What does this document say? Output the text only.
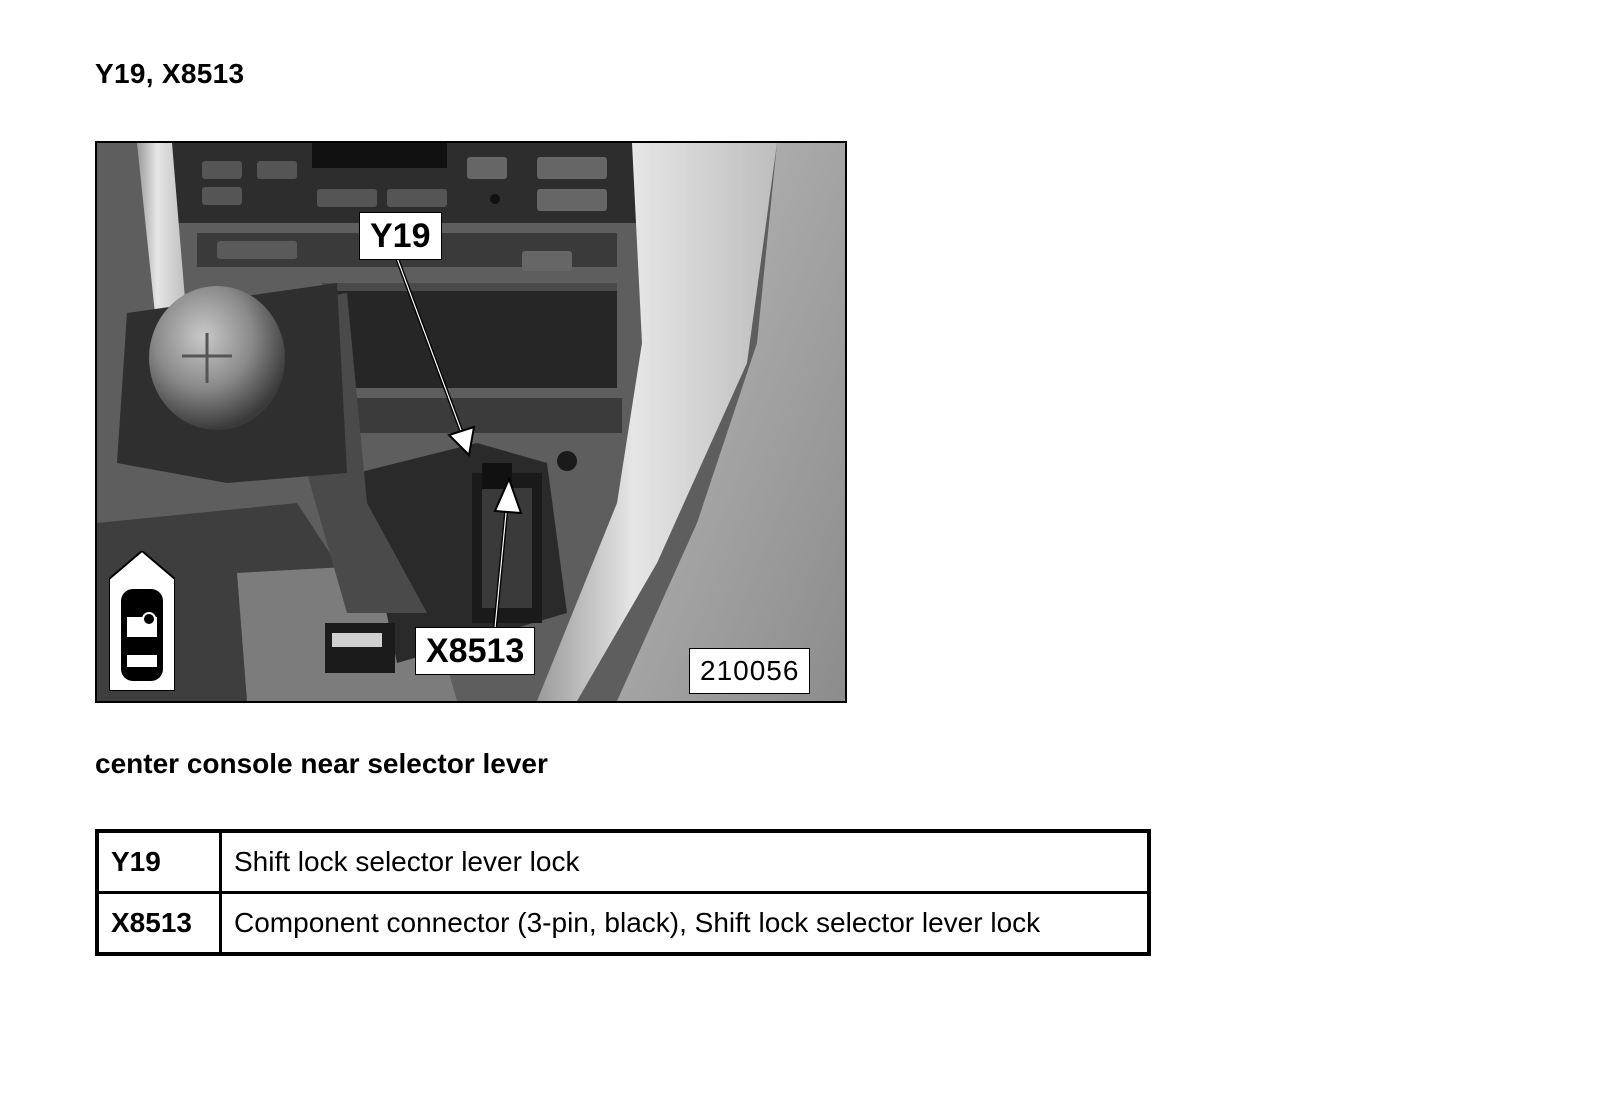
Y19, X8513
Y19
X8513
210056
center console near selector lever
Y19	Shift lock selector lever lock
X8513	Component connector (3-pin, black), Shift lock selector lever lock
